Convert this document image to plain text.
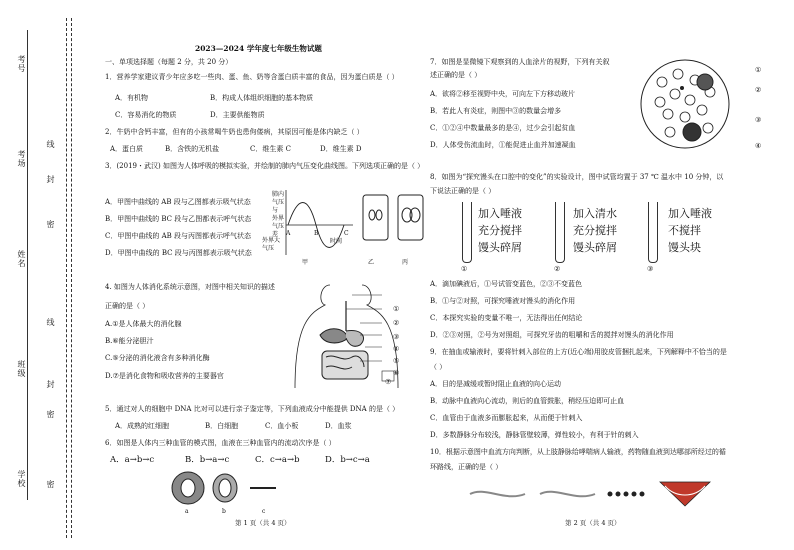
学校
班级
姓名
考场
考号
线
封
密
线
封
密
密
2023—2024 学年度七年级生物试题
一、单项选择题（每题 2 分，共 20 分）
1．营养学家建议青少年应多吃一些肉、蛋、鱼、奶等含蛋白质丰富的食品，因为蛋白质是（ ）
A．有机物	B．构成人体组织细胞的基本物质
C．容易消化的物质	D．主要供能物质
2．牛奶中含钙丰富，但有的小孩常喝牛奶也患佝偻病，其原因可能是体内缺乏（ ）
A．蛋白质	B．含铁的无机盐	C．维生素 C	D．维生素 D
3．(2019・武汉) 如图为人体呼吸的模拟实验，并绘制的肺内气压变化曲线图。下列选项正确的是（ ）
A．甲图中曲线的 AB 段与乙图都表示吸气状态
B．甲图中曲线的 BC 段与乙图都表示呼气状态
C．甲图中曲线的 AB 段与丙图都表示呼气状态
D．甲图中曲线的 BC 段与丙图都表示吸气状态
肺内
气压
与
外界
气压
差
外界大
气压
A	B	C
时间
甲	乙	丙
4. 如图为人体消化系统示意图，对图中相关知识的描述
正确的是（ ）
A.①是人体最大的消化腺
B.⑥能分泌胆汁
C.⑤分泌的消化液含有多种消化酶
D.⑦是消化食物和吸收营养的主要器官
①
②
③
④
⑤
⑥
⑦
5．通过对人的细胞中 DNA 比对可以进行亲子鉴定等，下列血液成分中能提供 DNA 的是（ ）
A．成熟的红细胞	B．白细胞	C．血小板	D．血浆
6．如图是人体内三种血管的模式图，血液在三种血管内的流动次序是（ ）
A．a→b→c	B．b→a→c	C．c→a→b	D．b→c→a
a	b	c
第 1 页（共 4 页）
7．如图是显微镜下观察到的人血涂片的视野，下列有关叙
述正确的是（ ）
A．欲将②移至视野中央，可向左下方移动玻片
B．若此人有炎症，则图中③的数量会增多
C．①②④中数量最多的是④，过少会引起贫血
D．人体受伤流血时，①能促进止血并加速凝血
①
②
③
④
8．如图为“探究馒头在口腔中的变化”的实验设计，图中试管均置于 37 ℃ 温水中 10 分钟，以
下说法正确的是（ ）
加入唾液
充分搅拌
馒头碎屑
加入清水
充分搅拌
馒头碎屑
加入唾液
不搅拌
馒头块
①	②	③
A．滴加碘液后，①号试管变蓝色，②③不变蓝色
B．①与②对照，可探究唾液对馒头的消化作用
C．本探究实验的变量不唯一，无法得出任何结论
D．②③对照，②号为对照组，可探究牙齿的咀嚼和舌的搅拌对馒头的消化作用
9．在抽血或输液时，要将针刺入部位的上方(近心端)用胶皮管捆扎起来，下列解释中不恰当的是
（ ）
A．目的是减缓或暂时阻止血液的向心运动
B．动脉中血液向心流动，则后的血管鼓胀，稍经压迫即可止血
C．血管由于血液多而膨胀起来，从而便于针刺入
D．多数静脉分布较浅，静脉管壁较薄，弹性较小，有利于针的刺入
10．根据示意图中血流方向判断，从上肢静脉给哮喘病人输液，药物随血液到达哪部所经过的循
环路线，正确的是（ ）
第 2 页（共 4 页）
